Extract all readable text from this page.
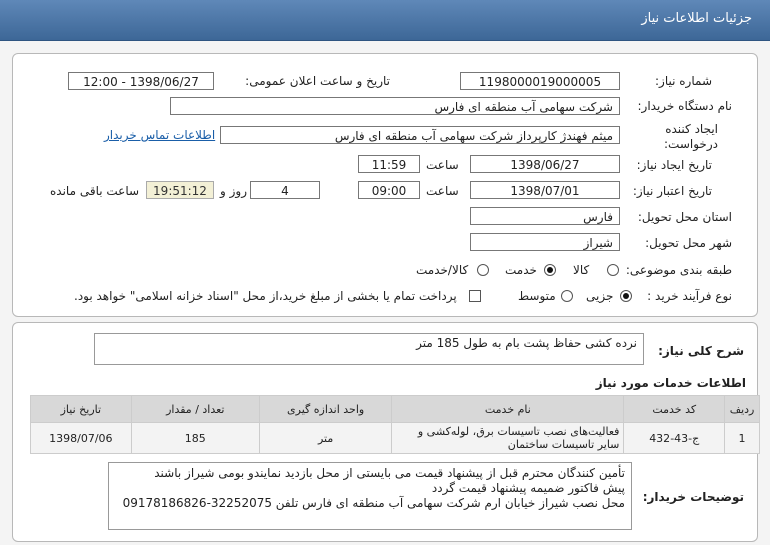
جزئیات اطلاعات نیاز
شماره نیاز:
1198000019000005
تاریخ و ساعت اعلان عمومی:
1398/06/27 - 12:00
نام دستگاه خریدار:
شرکت سهامی آب منطقه ای فارس
ایجاد کننده درخواست:
میثم فهندژ کارپرداز شرکت سهامی آب منطقه ای فارس
اطلاعات تماس خریدار
تاریخ ایجاد نیاز:
1398/06/27
ساعت
11:59
تاریخ اعتبار نیاز:
1398/07/01
ساعت
09:00
4
روز و
19:51:12
ساعت باقی مانده
استان محل تحویل:
فارس
شهر محل تحویل:
شیراز
طبقه بندی موضوعی:
کالا
خدمت
کالا/خدمت
نوع فرآیند خرید :
جزیی
متوسط
پرداخت تمام یا بخشی از مبلغ خرید،از محل "اسناد خزانه اسلامی" خواهد بود.
شرح کلی نیاز:
نرده کشی حفاظ پشت بام به طول 185 متر
اطلاعات خدمات مورد نیاز
ردیف	کد خدمت	نام خدمت	واحد اندازه گیری	تعداد / مقدار	تاریخ نیاز
1	ج-43-432	فعالیت‌های نصب تاسیسات برق، لوله‌کشی و سایر تاسیسات ساختمان	متر	185	1398/07/06
توضیحات خریدار:
تأمین کنندگان محترم قبل از پیشنهاد قیمت می بایستی از محل بازدید نمایندو بومی شیراز باشند
پیش فاکتور ضمیمه پیشنهاد قیمت گردد
محل نصب شیراز خیابان ارم شرکت سهامی آب منطقه ای فارس تلفن 32252075-09178186826
